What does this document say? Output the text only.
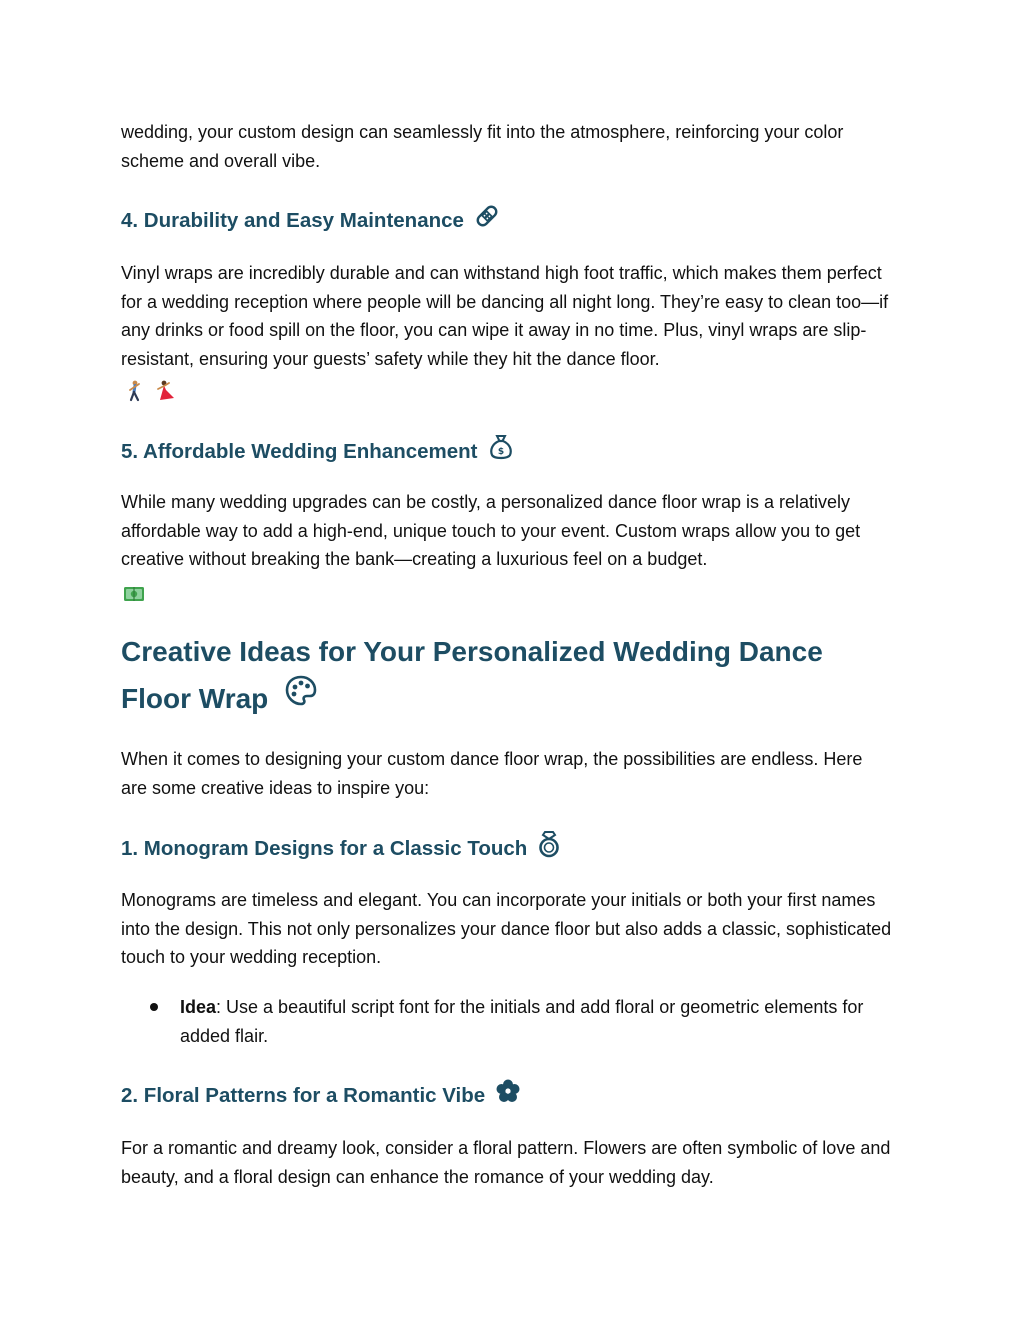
wedding, your custom design can seamlessly fit into the atmosphere, reinforcing your color scheme and overall vibe.

4. Durability and Easy Maintenance

Vinyl wraps are incredibly durable and can withstand high foot traffic, which makes them perfect for a wedding reception where people will be dancing all night long. They’re easy to clean too—if any drinks or food spill on the floor, you can wipe it away in no time. Plus, vinyl wraps are slip-resistant, ensuring your guests’ safety while they hit the dance floor.

5. Affordable Wedding Enhancement $

While many wedding upgrades can be costly, a personalized dance floor wrap is a relatively affordable way to add a high-end, unique touch to your event. Custom wraps allow you to get creative without breaking the bank—creating a luxurious feel on a budget.

Creative Ideas for Your Personalized Wedding Dance Floor Wrap

When it comes to designing your custom dance floor wrap, the possibilities are endless. Here are some creative ideas to inspire you:

1. Monogram Designs for a Classic Touch

Monograms are timeless and elegant. You can incorporate your initials or both your first names into the design. This not only personalizes your dance floor but also adds a classic, sophisticated touch to your wedding reception.

Idea: Use a beautiful script font for the initials and add floral or geometric elements for added flair.
2. Floral Patterns for a Romantic Vibe

For a romantic and dreamy look, consider a floral pattern. Flowers are often symbolic of love and beauty, and a floral design can enhance the romance of your wedding day.
